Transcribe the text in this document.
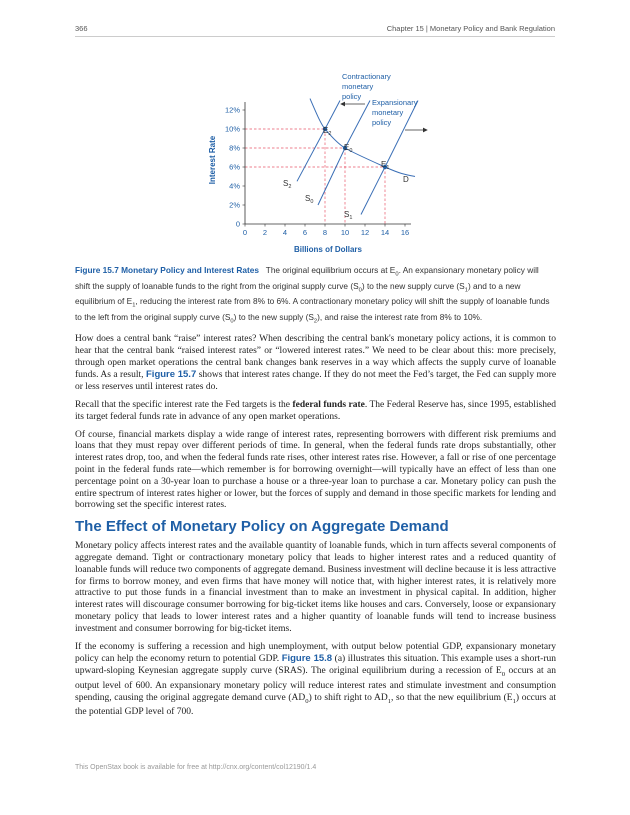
366	Chapter 15 | Monetary Policy and Bank Regulation
0 2 4 6 8 10 12 14 16
0
2%
4%
6%
8%
10%
12%
Interest Rate
Billions of Dollars
$E_2$
$E_0$
$E_1$
D
$S_2$
$S_0$
$S_1$
Contractionary monetary policy
Expansionary monetary policy
Figure 15.7 Monetary Policy and Interest Rates The original equilibrium occurs at $E_0$. An expansionary monetary policy will shift the supply of loanable funds to the right from the original supply curve $(S_0)$ to the new supply curve $(S_1)$ and to a new equilibrium of $E_1$, reducing the interest rate from 8% to 6%. A contractionary monetary policy will shift the supply of loanable funds to the left from the original supply curve $(S_0)$ to the new supply $(S_2)$, and raise the interest rate from 8% to 10%.

How does a central bank “raise” interest rates? When describing the central bank's monetary policy actions, it is common to hear that the central bank “raised interest rates” or “lowered interest rates.” We need to be clear about this: more precisely, through open market operations the central bank changes bank reserves in a way which affects the supply curve of loanable funds. As a result, Figure 15.7 shows that interest rates change. If they do not meet the Fed’s target, the Fed can supply more or less reserves until interest rates do.

Recall that the specific interest rate the Fed targets is the federal funds rate. The Federal Reserve has, since 1995, established its target federal funds rate in advance of any open market operations.

Of course, financial markets display a wide range of interest rates, representing borrowers with different risk premiums and loans that they must repay over different periods of time. In general, when the federal funds rate drops substantially, other interest rates drop, too, and when the federal funds rate rises, other interest rates rise. However, a fall or rise of one percentage point in the federal funds rate—which remember is for borrowing overnight—will typically have an effect of less than one percentage point on a 30-year loan to purchase a house or a three-year loan to purchase a car. Monetary policy can push the entire spectrum of interest rates higher or lower, but the forces of supply and demand in those specific markets for lending and borrowing set the specific interest rates.

The Effect of Monetary Policy on Aggregate Demand

Monetary policy affects interest rates and the available quantity of loanable funds, which in turn affects several components of aggregate demand. Tight or contractionary monetary policy that leads to higher interest rates and a reduced quantity of loanable funds will reduce two components of aggregate demand. Business investment will decline because it is less attractive for firms to borrow money, and even firms that have money will notice that, with higher interest rates, it is relatively more attractive to put those funds in a financial investment than to make an investment in physical capital. In addition, higher interest rates will discourage consumer borrowing for big-ticket items like houses and cars. Conversely, loose or expansionary monetary policy that leads to lower interest rates and a higher quantity of loanable funds will tend to increase business investment and consumer borrowing for big-ticket items.

If the economy is suffering a recession and high unemployment, with output below potential GDP, expansionary monetary policy can help the economy return to potential GDP. Figure 15.8 (a) illustrates this situation. This example uses a short-run upward-sloping Keynesian aggregate supply curve (SRAS). The original equilibrium during a recession of $E_0$ occurs at an output level of 600. An expansionary monetary policy will reduce interest rates and stimulate investment and consumption spending, causing the original aggregate demand curve $(AD_0)$ to shift right to $AD_1$, so that the new equilibrium $(E_1)$ occurs at the potential GDP level of 700.

This OpenStax book is available for free at http://cnx.org/content/col12190/1.4
